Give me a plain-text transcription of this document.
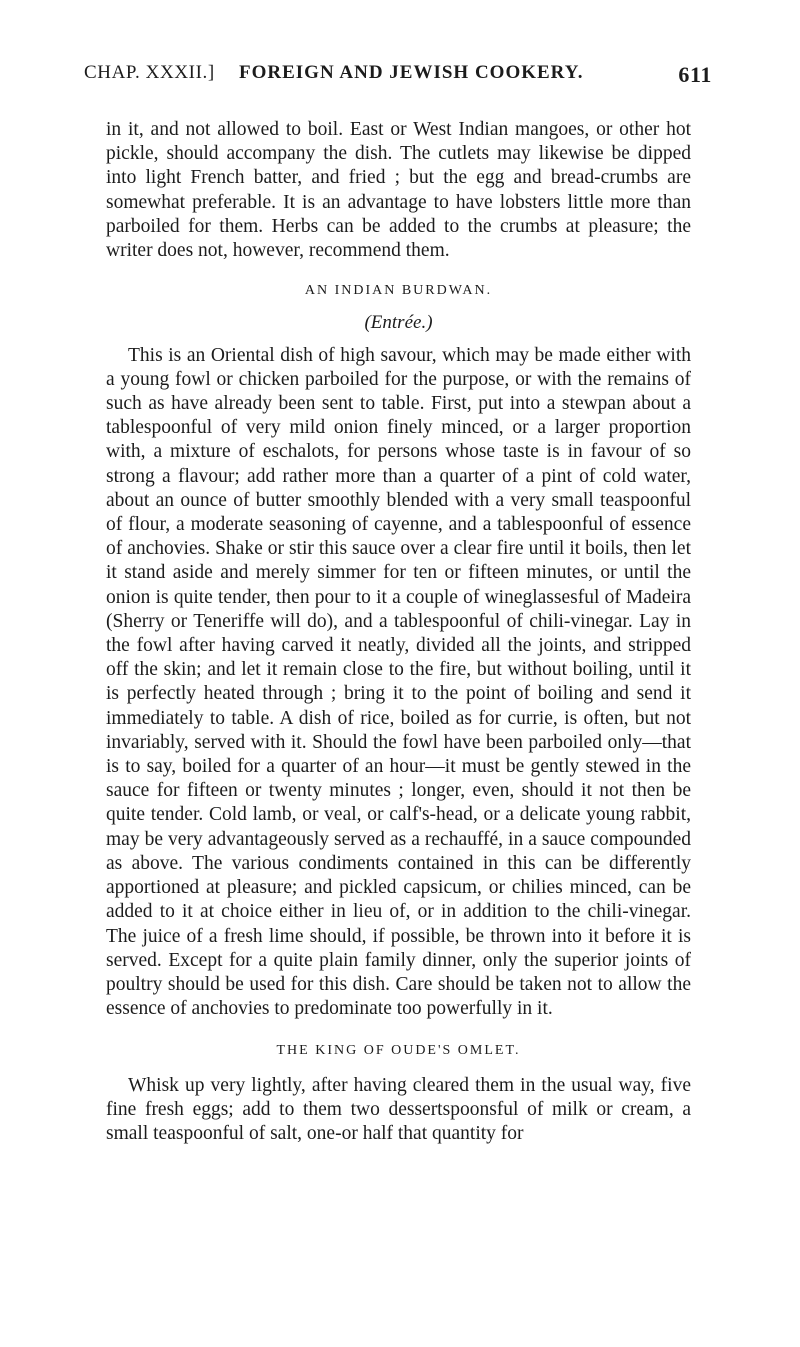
CHAP. XXXII.] FOREIGN AND JEWISH COOKERY.	611

in it, and not allowed to boil. East or West Indian mangoes, or other hot pickle, should accompany the dish. The cutlets may likewise be dipped into light French batter, and fried ; but the egg and bread-crumbs are somewhat preferable. It is an advantage to have lobsters little more than parboiled for them. Herbs can be added to the crumbs at pleasure; the writer does not, however, recommend them.

AN INDIAN BURDWAN.
(Entrée.)

This is an Oriental dish of high savour, which may be made either with a young fowl or chicken parboiled for the purpose, or with the remains of such as have already been sent to table. First, put into a stewpan about a tablespoonful of very mild onion finely minced, or a larger proportion with, a mixture of eschalots, for persons whose taste is in favour of so strong a flavour; add rather more than a quarter of a pint of cold water, about an ounce of butter smoothly blended with a very small teaspoonful of flour, a moderate seasoning of cayenne, and a tablespoonful of essence of anchovies. Shake or stir this sauce over a clear fire until it boils, then let it stand aside and merely simmer for ten or fifteen minutes, or until the onion is quite tender, then pour to it a couple of wineglassesful of Madeira (Sherry or Teneriffe will do), and a tablespoonful of chili-vinegar. Lay in the fowl after having carved it neatly, divided all the joints, and stripped off the skin; and let it remain close to the fire, but without boiling, until it is perfectly heated through ; bring it to the point of boiling and send it immediately to table. A dish of rice, boiled as for currie, is often, but not invariably, served with it. Should the fowl have been parboiled only—that is to say, boiled for a quarter of an hour—it must be gently stewed in the sauce for fifteen or twenty minutes ; longer, even, should it not then be quite tender. Cold lamb, or veal, or calf's-head, or a delicate young rabbit, may be very advantageously served as a rechauffé, in a sauce compounded as above. The various condiments contained in this can be differently apportioned at pleasure; and pickled capsicum, or chilies minced, can be added to it at choice either in lieu of, or in addition to the chili-vinegar. The juice of a fresh lime should, if possible, be thrown into it before it is served. Except for a quite plain family dinner, only the superior joints of poultry should be used for this dish. Care should be taken not to allow the essence of anchovies to predominate too powerfully in it.

THE KING OF OUDE'S OMLET.

Whisk up very lightly, after having cleared them in the usual way, five fine fresh eggs; add to them two dessertspoonsful of milk or cream, a small teaspoonful of salt, one-or half that quantity for
